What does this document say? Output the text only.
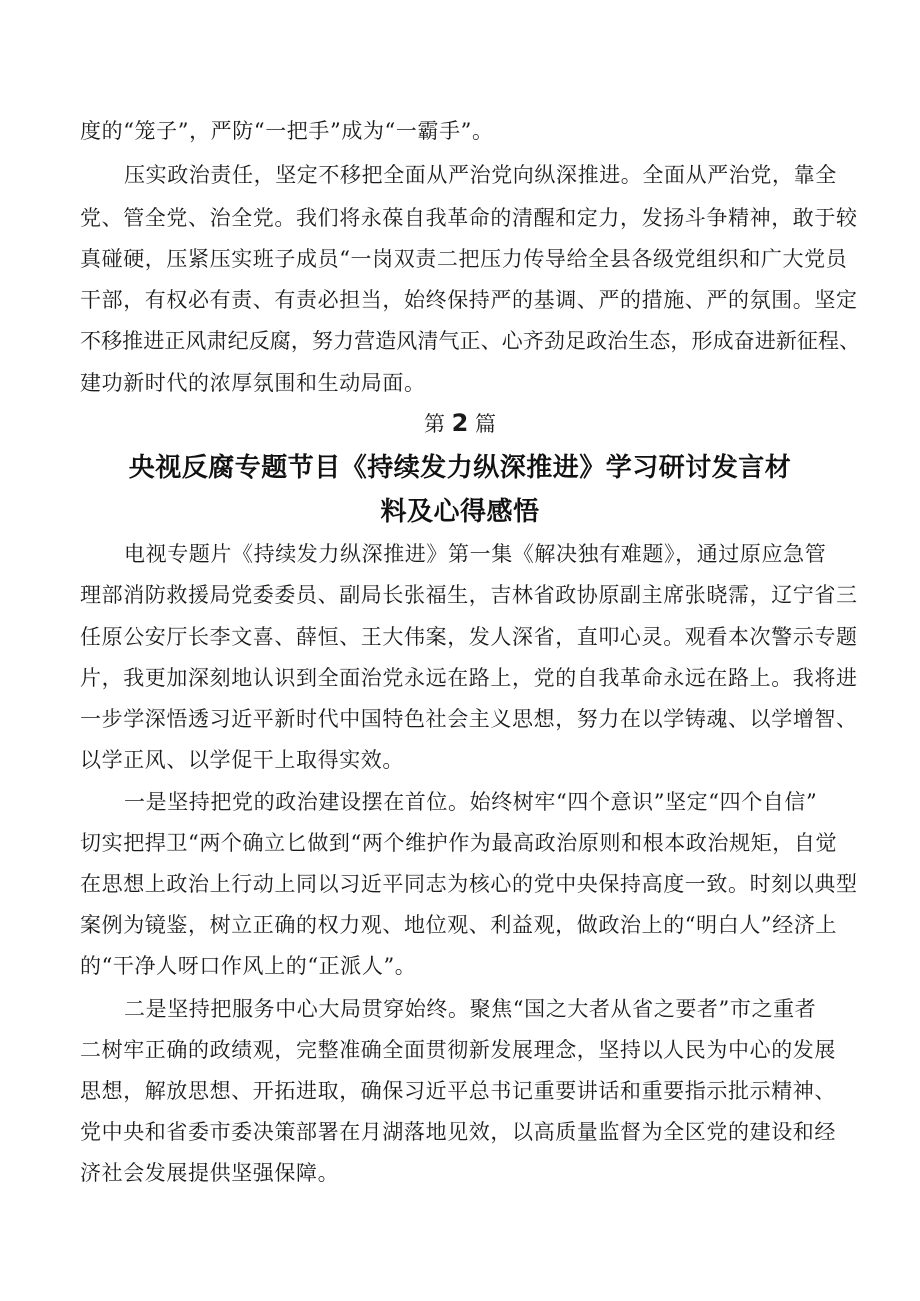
度的“笼子”，严防“一把手”成为“一霸手”。
压实政治责任，坚定不移把全面从严治党向纵深推进。全面从严治党，靠全
党、管全党、治全党。我们将永葆自我革命的清醒和定力，发扬斗争精神，敢于较
真碰硬，压紧压实班子成员“一岗双责二把压力传导给全县各级党组织和广大党员
干部，有权必有责、有责必担当，始终保持严的基调、严的措施、严的氛围。坚定
不移推进正风肃纪反腐，努力营造风清气正、心齐劲足政治生态，形成奋进新征程、
建功新时代的浓厚氛围和生动局面。
第 2 篇
央视反腐专题节目《持续发力纵深推进》学习研讨发言材
料及心得感悟
电视专题片《持续发力纵深推进》第一集《解决独有难题》，通过原应急管
理部消防救援局党委委员、副局长张福生，吉林省政协原副主席张晓霈，辽宁省三
任原公安厅长李文喜、薛恒、王大伟案，发人深省，直叩心灵。观看本次警示专题
片，我更加深刻地认识到全面治党永远在路上，党的自我革命永远在路上。我将进
一步学深悟透习近平新时代中国特色社会主义思想，努力在以学铸魂、以学增智、
以学正风、以学促干上取得实效。
一是坚持把党的政治建设摆在首位。始终树牢“四个意识”坚定“四个自信”
切实把捍卫“两个确立匕做到“两个维护作为最高政治原则和根本政治规矩，自觉
在思想上政治上行动上同以习近平同志为核心的党中央保持高度一致。时刻以典型
案例为镜鉴，树立正确的权力观、地位观、利益观，做政治上的“明白人”经济上
的“干净人呀口作风上的“正派人”。
二是坚持把服务中心大局贯穿始终。聚焦“国之大者从省之要者”市之重者
二树牢正确的政绩观，完整准确全面贯彻新发展理念，坚持以人民为中心的发展
思想，解放思想、开拓进取，确保习近平总书记重要讲话和重要指示批示精神、
党中央和省委市委决策部署在月湖落地见效，以高质量监督为全区党的建设和经
济社会发展提供坚强保障。
